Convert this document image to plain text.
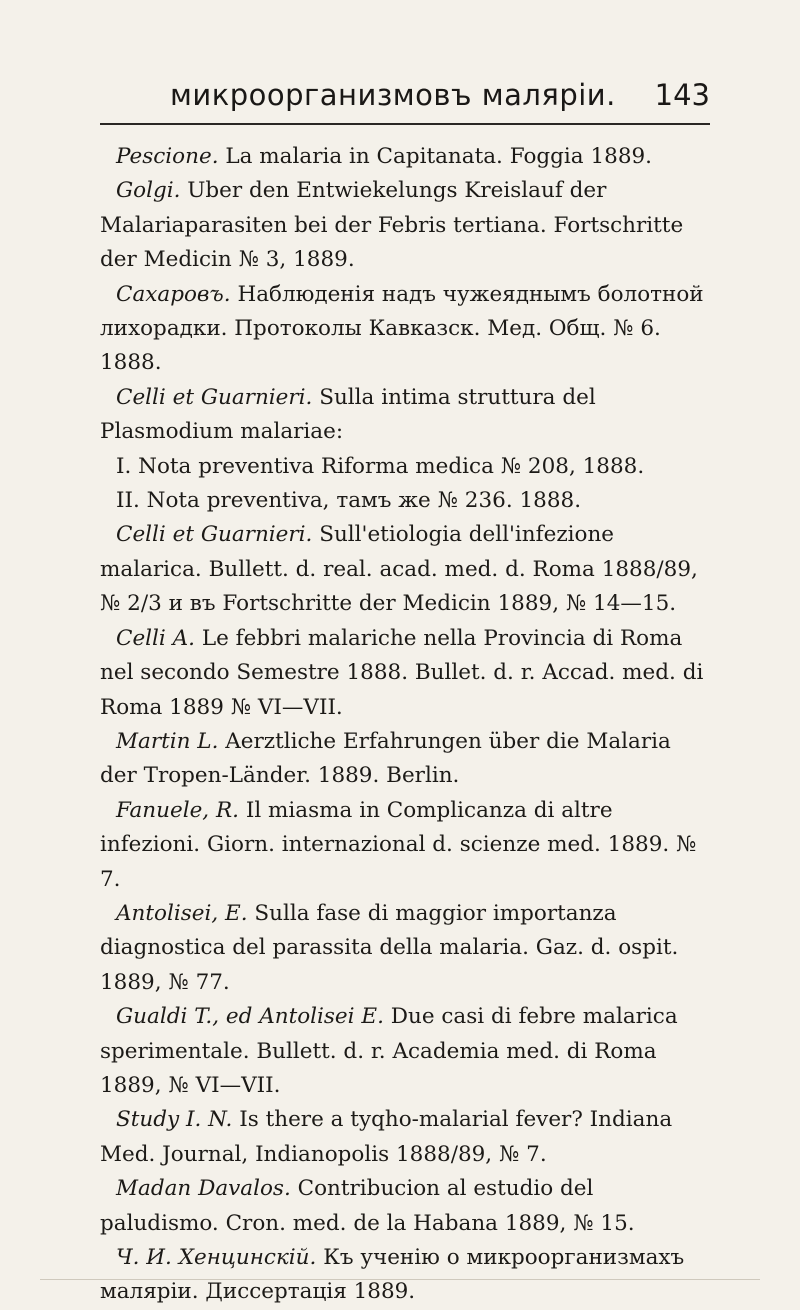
микроорганизмовъ маляріи. 143

Pescione. La malaria in Capitanata. Foggia 1889.

Golgi. Uber den Entwiekelungs Kreislauf der Malariaparasiten bei der Febris tertiana. Fortschritte der Medicin № 3, 1889.

Сахаровъ. Наблюденія надъ чужеяднымъ болотной лихорадки. Протоколы Кавказск. Мед. Общ. № 6. 1888.

Celli et Guarnieri. Sulla intima struttura del Plasmodium malariae:

I. Nota preventiva Riforma medica № 208, 1888.

II. Nota preventiva, тамъ же № 236. 1888.

Celli et Guarnieri. Sull'etiologia dell'infezione malarica. Bullett. d. real. acad. med. d. Roma 1888/89, № 2/3 и въ Fortschritte der Medicin 1889, № 14—15.

Celli A. Le febbri malariche nella Provincia di Roma nel secondo Semestre 1888. Bullet. d. r. Accad. med. di Roma 1889 № VI—VII.

Martin L. Aerztliche Erfahrungen über die Malaria der Tropen-Länder. 1889. Berlin.

Fanuele, R. Il miasma in Complicanza di altre infezioni. Giorn. internazional d. scienze med. 1889. № 7.

Antolisei, E. Sulla fase di maggior importanza diagnostica del parassita della malaria. Gaz. d. ospit. 1889, № 77.

Gualdi T., ed Antolisei E. Due casi di febre malarica sperimentale. Bullett. d. r. Academia med. di Roma 1889, № VI—VII.

Study I. N. Is there a tyqho-malarial fever? Indiana Med. Journal, Indianopolis 1888/89, № 7.

Madan Davalos. Contribucion al estudio del paludismo. Cron. med. de la Habana 1889, № 15.

Ч. И. Хенцинскій. Къ ученію о микроорганизмахъ маляріи. Диссертація 1889.
